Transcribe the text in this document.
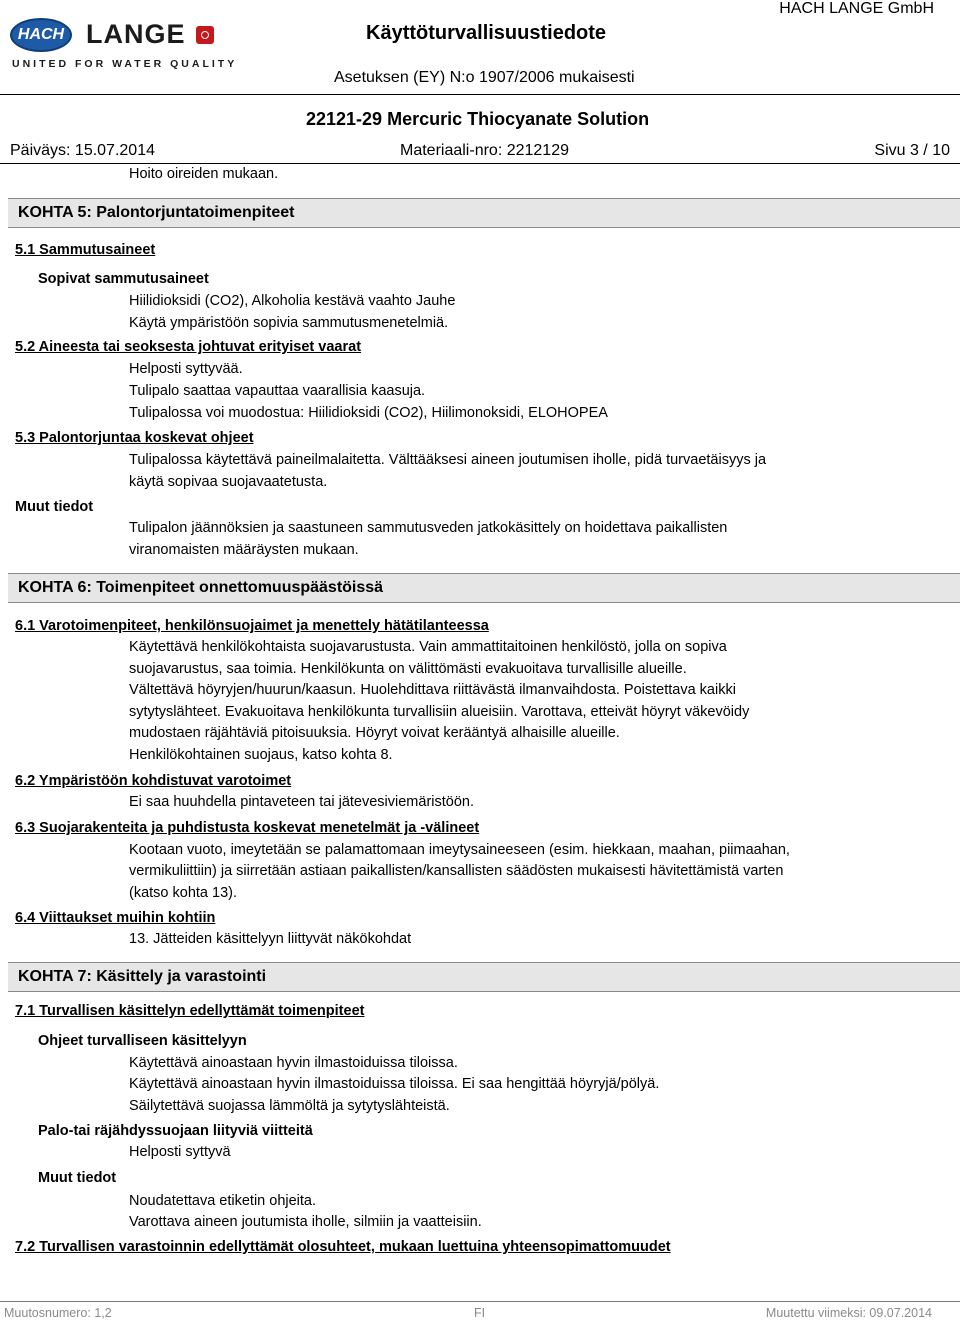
HACH LANGE
UNITED FOR WATER QUALITY
Käyttöturvallisuustiedote
HACH LANGE GmbH
Asetuksen (EY) N:o 1907/2006 mukaisesti
22121-29 Mercuric Thiocyanate Solution
Päiväys: 15.07.2014	Materiaali-nro: 2212129	Sivu 3 / 10
Hoito oireiden mukaan.
KOHTA 5: Palontorjuntatoimenpiteet
5.1 Sammutusaineet
Sopivat sammutusaineet
Hiilidioksidi (CO2), Alkoholia kestävä vaahto Jauhe
Käytä ympäristöön sopivia sammutusmenetelmiä.
5.2 Aineesta tai seoksesta johtuvat erityiset vaarat
Helposti syttyvää.
Tulipalo saattaa vapauttaa vaarallisia kaasuja.
Tulipalossa voi muodostua: Hiilidioksidi (CO2), Hiilimonoksidi, ELOHOPEA
5.3 Palontorjuntaa koskevat ohjeet
Tulipalossa käytettävä paineilmalaitetta. Välttääksesi aineen joutumisen iholle, pidä turvaetäisyys ja
käytä sopivaa suojavaatetusta.
Muut tiedot
Tulipalon jäännöksien ja saastuneen sammutusveden jatkokäsittely on hoidettava paikallisten
viranomaisten määräysten mukaan.
KOHTA 6: Toimenpiteet onnettomuuspäästöissä
6.1 Varotoimenpiteet, henkilönsuojaimet ja menettely hätätilanteessa
Käytettävä henkilökohtaista suojavarustusta. Vain ammattitaitoinen henkilöstö, jolla on sopiva
suojavarustus, saa toimia. Henkilökunta on välittömästi evakuoitava turvallisille alueille.
Vältettävä höyryjen/huurun/kaasun. Huolehdittava riittävästä ilmanvaihdosta. Poistettava kaikki
sytytyslähteet. Evakuoitava henkilökunta turvallisiin alueisiin. Varottava, etteivät höyryt väkevöidy
mudostaen räjähtäviä pitoisuuksia. Höyryt voivat kerääntyä alhaisille alueille.
Henkilökohtainen suojaus, katso kohta 8.
6.2 Ympäristöön kohdistuvat varotoimet
Ei saa huuhdella pintaveteen tai jätevesiviemäristöön.
6.3 Suojarakenteita ja puhdistusta koskevat menetelmät ja -välineet
Kootaan vuoto, imeytetään se palamattomaan imeytysaineeseen (esim. hiekkaan, maahan, piimaahan,
vermikuliittiin) ja siirretään astiaan paikallisten/kansallisten säädösten mukaisesti hävitettämistä varten
(katso kohta 13).
6.4 Viittaukset muihin kohtiin
13. Jätteiden käsittelyyn liittyvät näkökohdat
KOHTA 7: Käsittely ja varastointi
7.1 Turvallisen käsittelyn edellyttämät toimenpiteet
Ohjeet turvalliseen käsittelyyn
Käytettävä ainoastaan hyvin ilmastoiduissa tiloissa.
Käytettävä ainoastaan hyvin ilmastoiduissa tiloissa. Ei saa hengittää höyryjä/pölyä.
Säilytettävä suojassa lämmöltä ja sytytyslähteistä.
Palo-tai räjähdyssuojaan liityviä viitteitä
Helposti syttyvä
Muut tiedot
Noudatettava etiketin ohjeita.
Varottava aineen joutumista iholle, silmiin ja vaatteisiin.
7.2 Turvallisen varastoinnin edellyttämät olosuhteet, mukaan luettuina yhteensopimattomuudet
Muutosnumero: 1,2	FI	Muutettu viimeksi: 09.07.2014
